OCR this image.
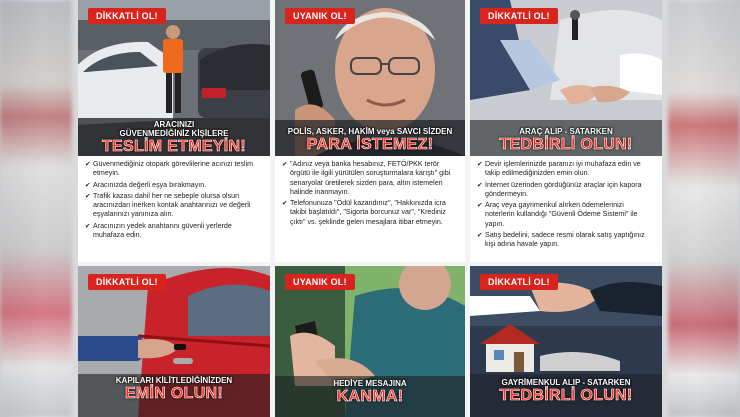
DİKKATLİ OL!
ARACINIZI
GÜVENMEDİĞİNİZ KİŞİLERE
TESLİM ETMEYİN!
✔ Güvenmediğiniz otopark görevlilerine acınızı teslim etmeyin.
✔ Aracınızda değerli eşya bırakmayın.
✔ Trafik kazası dahil her ne sebeple olursa olsun aracınızdan inerken kontak anahtarınızı ve değerli eşyalarınızı yanınıza alın.
✔ Aracınızın yedek anahtarını güvenli yerlerde muhafaza edin.
UYANIK OL!
POLİS, ASKER, HAKİM veya SAVCI SİZDEN
PARA İSTEMEZ!
✔ "Adınız veya banka hesabınız, FETÖ/PKK terör örgütü ile ilgili yürütülen soruşturmalara karıştı" gibi senaryolar üretilerek sizden para, altın istemeleri halinde inanmayın.
✔ Telefonunuza "Ödül kazandınız", "Hakkınızda icra takibi başlatıldı", "Sigorta borcunuz var", "Krediniz çıktı" vs. şeklinde gelen mesajlara itibar etmeyin.
DİKKATLİ OL!
ARAÇ ALIP - SATARKEN
TEDBİRLİ OLUN!
✔ Devir işlemlerinizde paranızı iyi muhafaza edin ve takip edilmediğinizden emin olun.
✔ İnternet üzerinden gördüğünüz araçlar için kapora göndermeyin.
✔ Araç veya gayrimenkul alırken ödemelerinizi noterlerin kullandığı "Güvenli Ödeme Sistemi" ile yapın.
✔ Satış bedelini, sadece resmi olarak satış yaptığınız kişi adına havale yapın.
DİKKATLİ OL!
KAPILARI KİLİTLEDİĞİNİZDEN
EMİN OLUN!
UYANIK OL!
HEDİYE MESAJINA
KANMA!
DİKKATLİ OL!
GAYRİMENKUL ALIP - SATARKEN
TEDBİRLİ OLUN!
